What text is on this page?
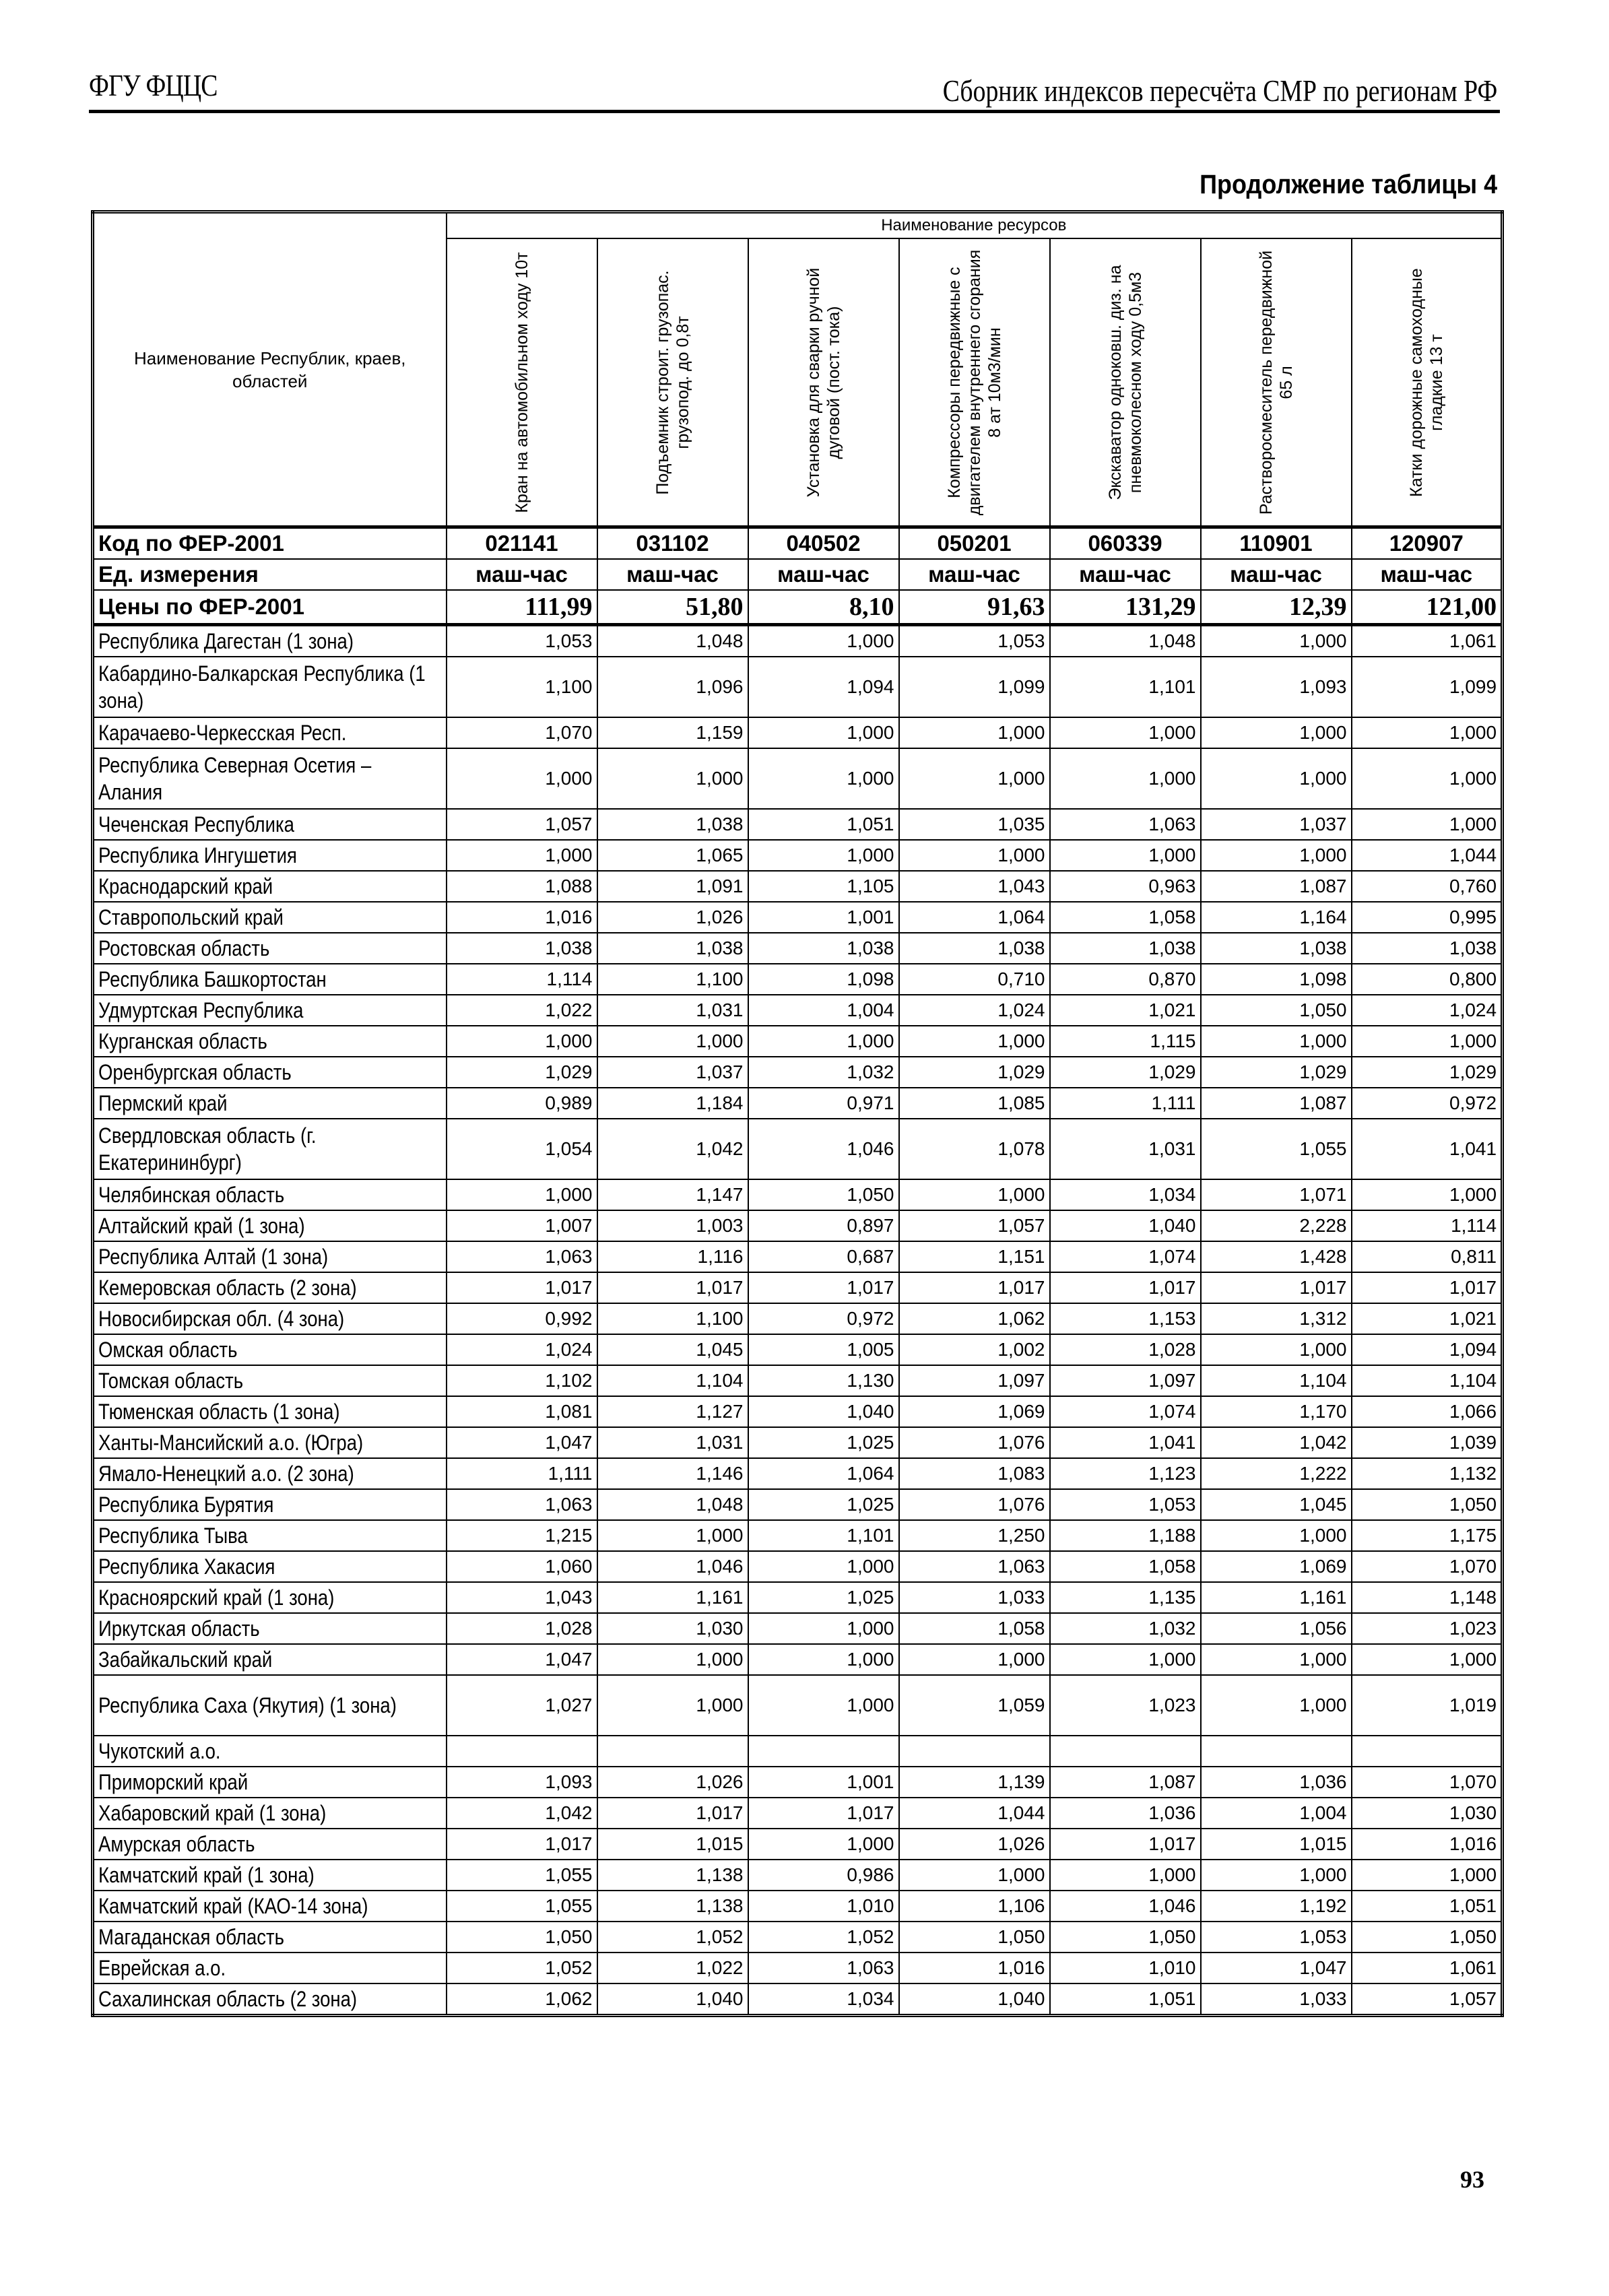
ФГУ ФЦЦС	Сборник индексов пересчёта СМР по регионам РФ
Продолжение таблицы 4
Наименование Республик, краев, областей	Наименование ресурсов						

	Кран на автомобильном ходу 10т	Подъемник строит. грузопас. грузопод. до 0,8т	Установка для сварки ручной дуговой (пост. тока)	Компрессоры передвижные с двигателем внутреннего сгорания 8 ат 10м3/мин	Экскаватор одноковш. диз. на пневмоколесном ходу 0,5м3	Растворосмеситель передвижной 65 л	Катки дорожные самоходные гладкие 13 т

Код по ФЕР-2001	021141	031102	040502	050201	060339	110901	120907
Ед. измерения	маш-час	маш-час	маш-час	маш-час	маш-час	маш-час	маш-час
Цены по ФЕР-2001	111,99	51,80	8,10	91,63	131,29	12,39	121,00
Республика Дагестан (1 зона)	1,053	1,048	1,000	1,053	1,048	1,000	1,061
Кабардино-Балкарская Республика (1 зона)	1,100	1,096	1,094	1,099	1,101	1,093	1,099
Карачаево-Черкесская Респ.	1,070	1,159	1,000	1,000	1,000	1,000	1,000
Республика Северная Осетия – Алания	1,000	1,000	1,000	1,000	1,000	1,000	1,000
Чеченская Республика	1,057	1,038	1,051	1,035	1,063	1,037	1,000
Республика Ингушетия	1,000	1,065	1,000	1,000	1,000	1,000	1,044
Краснодарский край	1,088	1,091	1,105	1,043	0,963	1,087	0,760
Ставропольский край	1,016	1,026	1,001	1,064	1,058	1,164	0,995
Ростовская область	1,038	1,038	1,038	1,038	1,038	1,038	1,038
Республика Башкортостан	1,114	1,100	1,098	0,710	0,870	1,098	0,800
Удмуртская Республика	1,022	1,031	1,004	1,024	1,021	1,050	1,024
Курганская область	1,000	1,000	1,000	1,000	1,115	1,000	1,000
Оренбургская область	1,029	1,037	1,032	1,029	1,029	1,029	1,029
Пермский край	0,989	1,184	0,971	1,085	1,111	1,087	0,972
Свердловская область (г. Екатерининбург)	1,054	1,042	1,046	1,078	1,031	1,055	1,041
Челябинская область	1,000	1,147	1,050	1,000	1,034	1,071	1,000
Алтайский край (1 зона)	1,007	1,003	0,897	1,057	1,040	2,228	1,114
Республика Алтай (1 зона)	1,063	1,116	0,687	1,151	1,074	1,428	0,811
Кемеровская область (2 зона)	1,017	1,017	1,017	1,017	1,017	1,017	1,017
Новосибирская обл. (4 зона)	0,992	1,100	0,972	1,062	1,153	1,312	1,021
Омская область	1,024	1,045	1,005	1,002	1,028	1,000	1,094
Томская область	1,102	1,104	1,130	1,097	1,097	1,104	1,104
Тюменская область (1 зона)	1,081	1,127	1,040	1,069	1,074	1,170	1,066
Ханты-Мансийский а.о. (Югра)	1,047	1,031	1,025	1,076	1,041	1,042	1,039
Ямало-Ненецкий а.о. (2 зона)	1,111	1,146	1,064	1,083	1,123	1,222	1,132
Республика Бурятия	1,063	1,048	1,025	1,076	1,053	1,045	1,050
Республика Тыва	1,215	1,000	1,101	1,250	1,188	1,000	1,175
Республика Хакасия	1,060	1,046	1,000	1,063	1,058	1,069	1,070
Красноярский край (1 зона)	1,043	1,161	1,025	1,033	1,135	1,161	1,148
Иркутская область	1,028	1,030	1,000	1,058	1,032	1,056	1,023
Забайкальский край	1,047	1,000	1,000	1,000	1,000	1,000	1,000
Республика Саха (Якутия) (1 зона)	1,027	1,000	1,000	1,059	1,023	1,000	1,019
Чукотский а.о.							
Приморский край	1,093	1,026	1,001	1,139	1,087	1,036	1,070
Хабаровский край (1 зона)	1,042	1,017	1,017	1,044	1,036	1,004	1,030
Амурская область	1,017	1,015	1,000	1,026	1,017	1,015	1,016
Камчатский край (1 зона)	1,055	1,138	0,986	1,000	1,000	1,000	1,000
Камчатский край (КАО-14 зона)	1,055	1,138	1,010	1,106	1,046	1,192	1,051
Магаданская область	1,050	1,052	1,052	1,050	1,050	1,053	1,050
Еврейская а.о.	1,052	1,022	1,063	1,016	1,010	1,047	1,061
Сахалинская область (2 зона)	1,062	1,040	1,034	1,040	1,051	1,033	1,057
93
